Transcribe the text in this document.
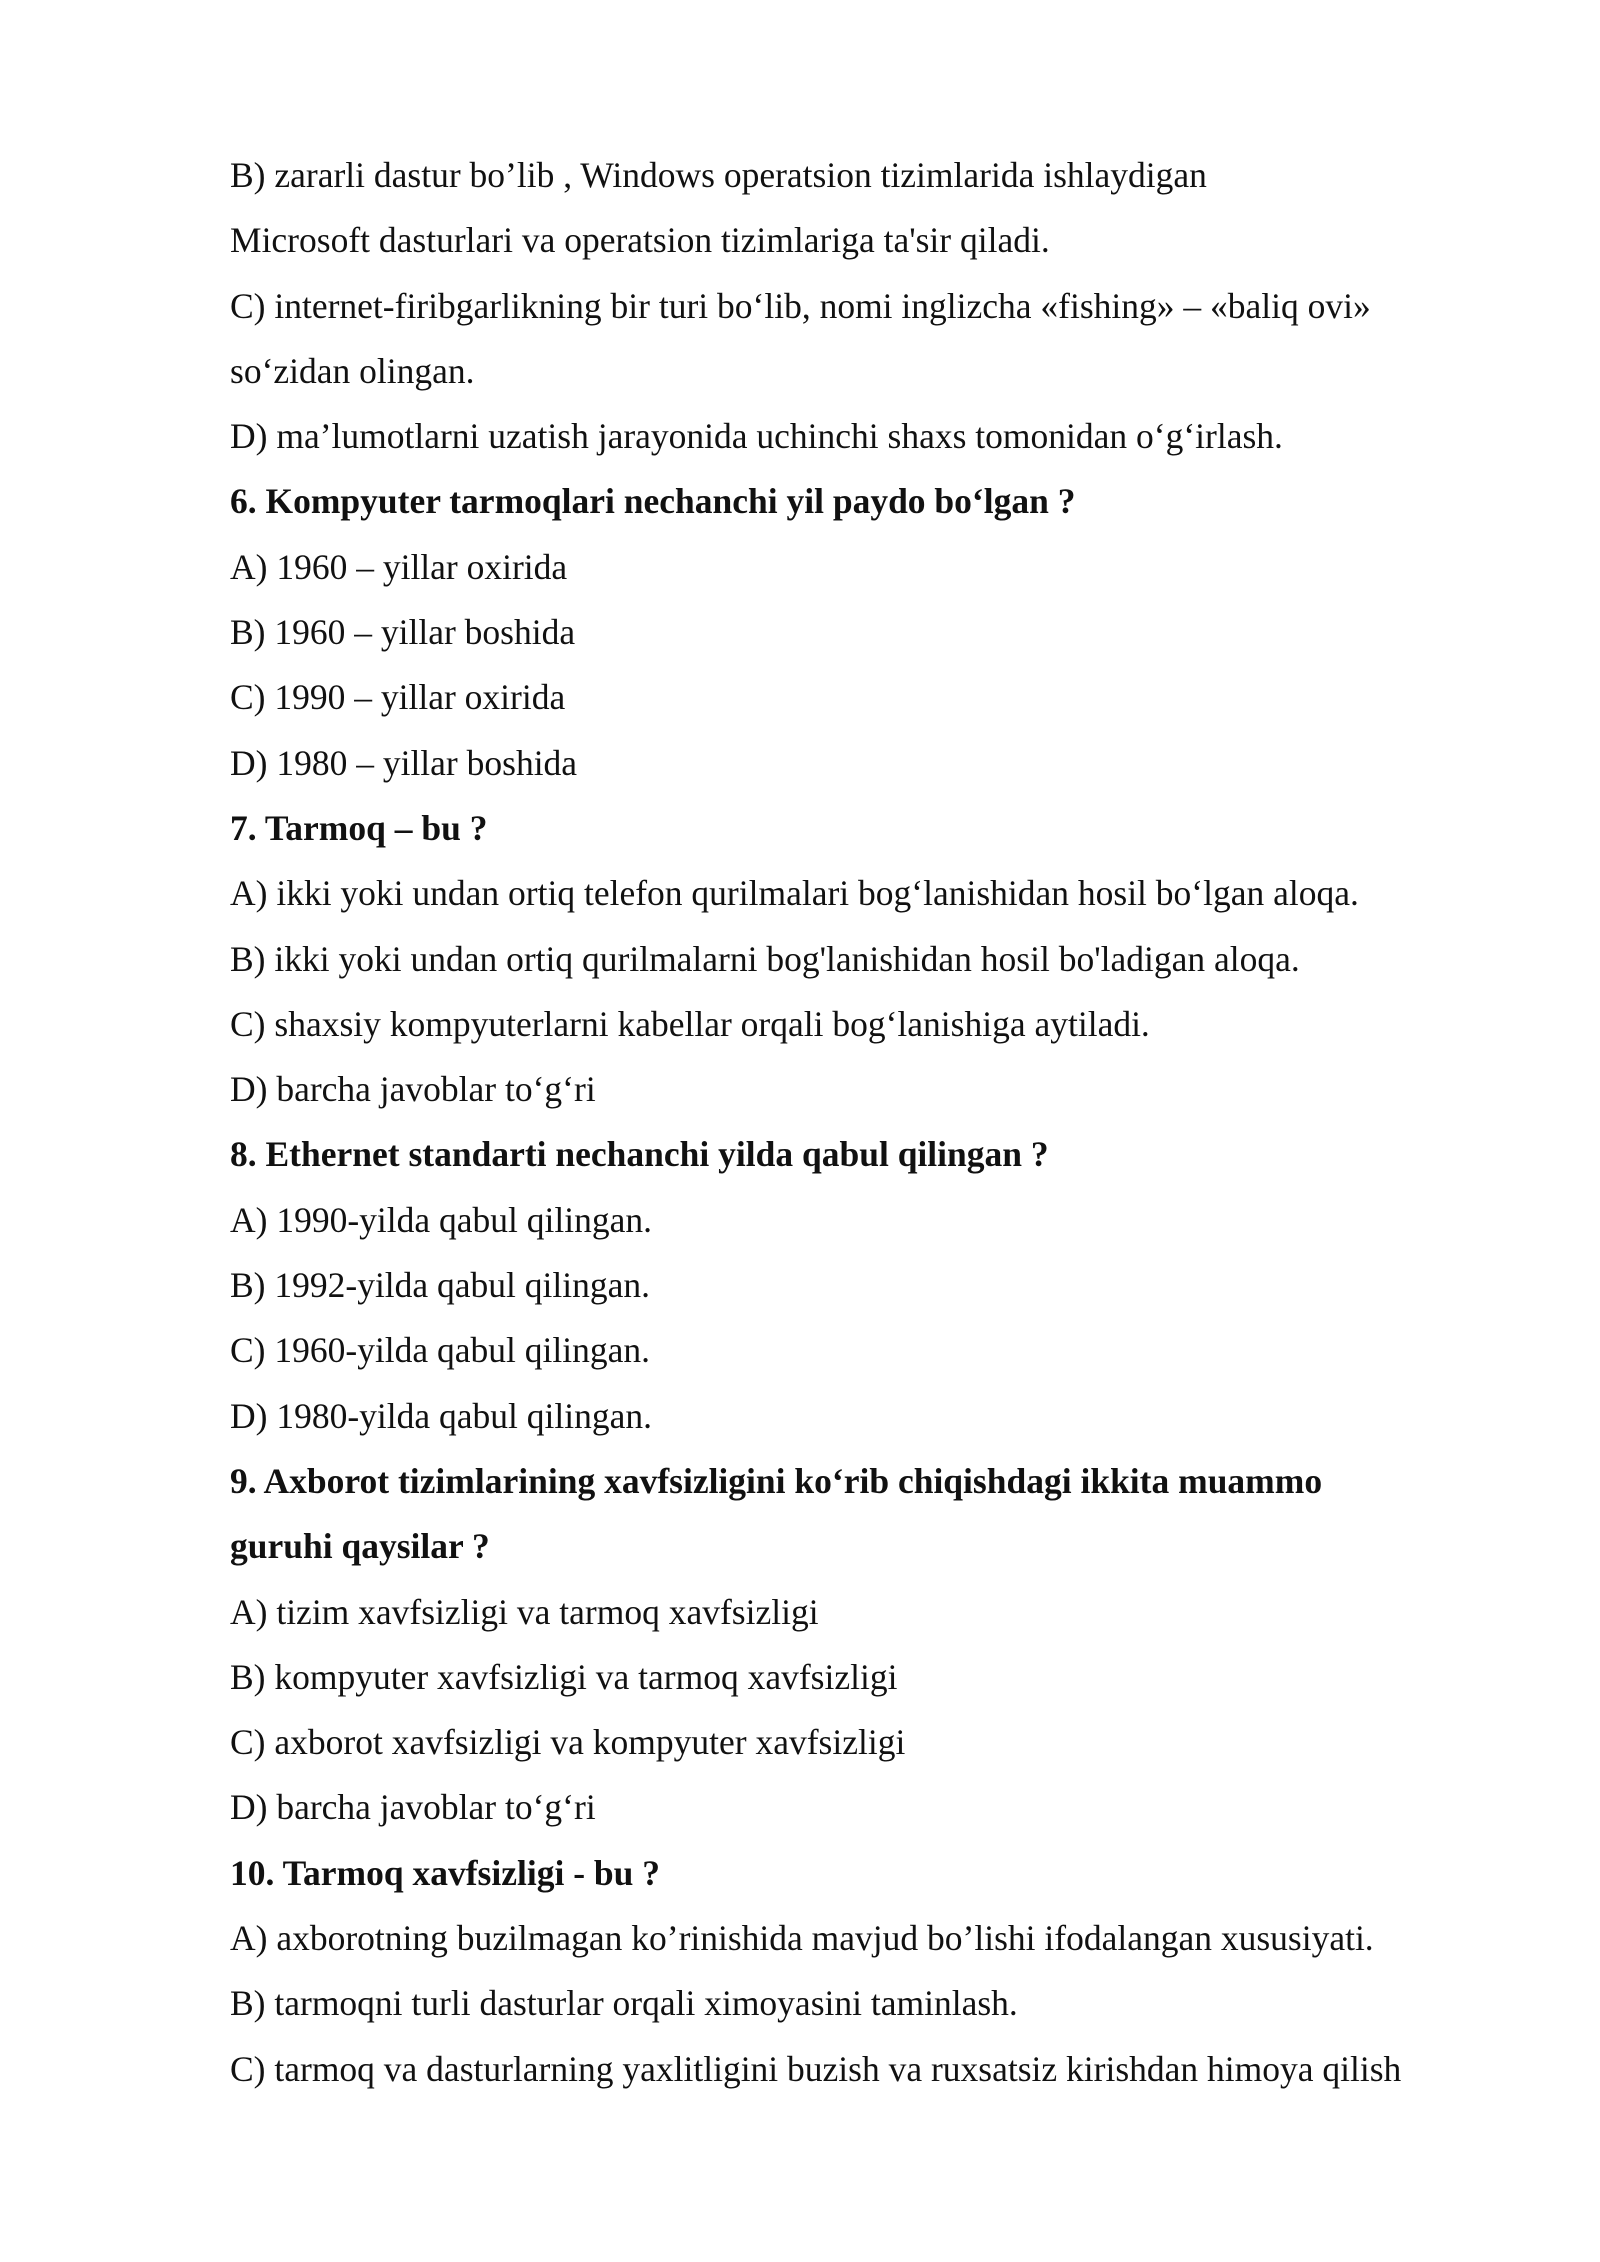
B) zararli dastur bo’lib , Windows operatsion tizimlarida ishlaydigan
Microsoft dasturlari va operatsion tizimlariga ta'sir qiladi.
C) internet-firibgarlikning bir turi bo‘lib, nomi inglizcha «fishing» – «baliq ovi»
so‘zidan olingan.
D) ma’lumotlarni uzatish jarayonida uchinchi shaxs tomonidan o‘g‘irlash.
6. Kompyuter tarmoqlari nechanchi yil paydo bo‘lgan ?
A) 1960 – yillar oxirida
B) 1960 – yillar boshida
C) 1990 – yillar oxirida
D) 1980 – yillar boshida
7. Tarmoq – bu ?
A) ikki yoki undan ortiq telefon qurilmalari bog‘lanishidan hosil bo‘lgan aloqa.
B) ikki yoki undan ortiq qurilmalarni bog'lanishidan hosil bo'ladigan aloqa.
C) shaxsiy kompyuterlarni kabellar orqali bog‘lanishiga aytiladi.
D) barcha javoblar to‘g‘ri
8. Ethernet standarti nechanchi yilda qabul qilingan ?
A) 1990-yilda qabul qilingan.
B) 1992-yilda qabul qilingan.
C) 1960-yilda qabul qilingan.
D) 1980-yilda qabul qilingan.
9. Axborot tizimlarining xavfsizligini ko‘rib chiqishdagi ikkita muammo
guruhi qaysilar ?
A) tizim xavfsizligi va tarmoq xavfsizligi
B) kompyuter xavfsizligi va tarmoq xavfsizligi
C) axborot xavfsizligi va kompyuter xavfsizligi
D) barcha javoblar to‘g‘ri
10. Tarmoq xavfsizligi - bu ?
A) axborotning buzilmagan ko’rinishida mavjud bo’lishi ifodalangan xususiyati.
B) tarmoqni turli dasturlar orqali ximoyasini taminlash.
C) tarmoq va dasturlarning yaxlitligini buzish va ruxsatsiz kirishdan himoya qilish
